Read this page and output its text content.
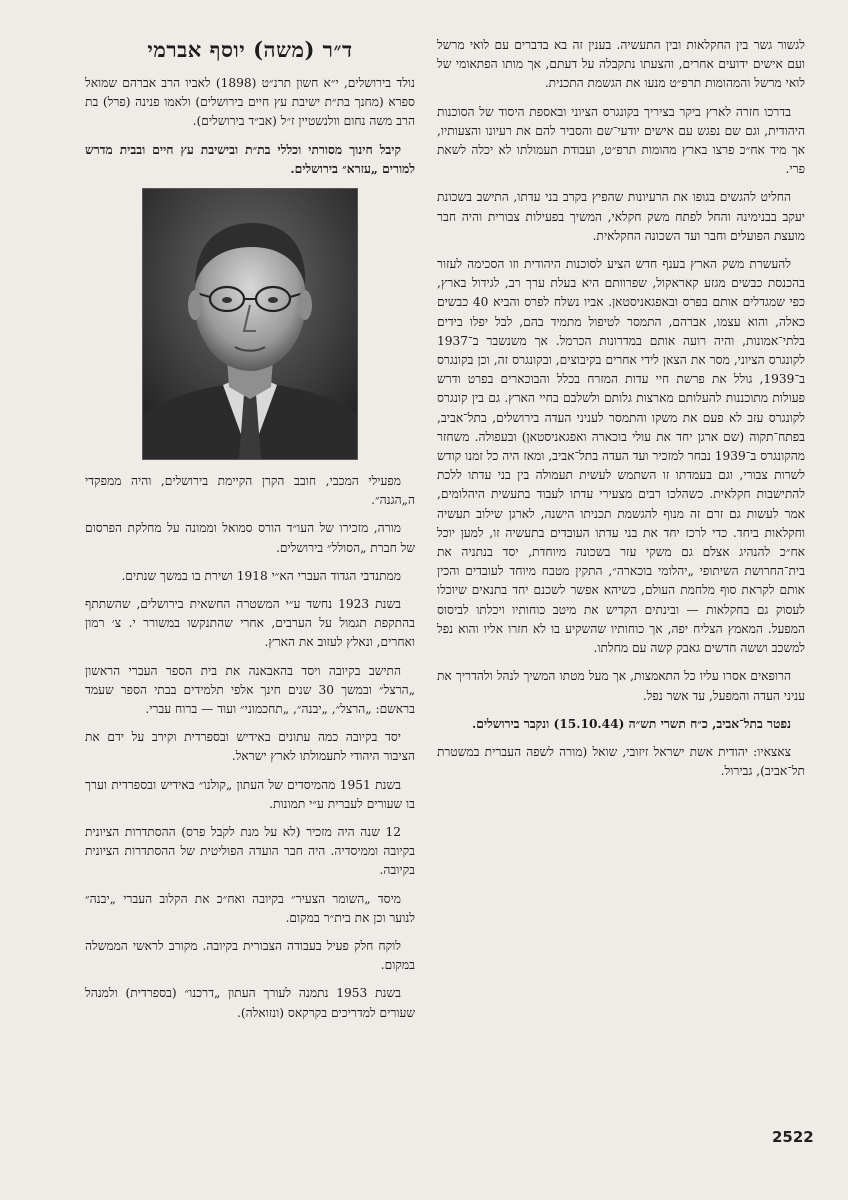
לגשור גשר בין החקלאות ובין התעשיה. בענין זה בא בדברים עם לואי מרשל ועם אישים ידועים אחרים, והצעתו נתקבלה על דעתם, אך מותו הפתאומי של לואי מרשל והמהומות תרפ״ט מנעו את הגשמת התכנית.

בדרכו חזרה לארץ ביקר בציריך בקונגרס הציוני ובאספת היסוד של הסוכנות היהודית, וגם שם נפגש עם אישים יודעי־שם והסביר להם את רעיונו והצעותיו, אך מיד אח״כ פרצו בארץ מהומות תרפ״ט, ועבודת תעמולתו לא יכלה לשאת פרי.

החליט להגשים בגופו את הרעיונות שהפיץ בקרב בני עדתו, התישב בשכונת יעקב בבנימינה והחל לפתח משק חקלאי, המשיך בפעילות צבורית והיה חבר מועצת הפועלים וחבר ועד השכונה החקלאית.

להעשרת משק הארץ בענף חדש הציע לסוכנות היהודית וזו הסכימה לעזור בהכנסת כבשים מגזע קאראקול, שפרוותם היא בעלת ערך רב, לגידול בארץ, כפי שמגדלים אותם בפרס ובאפגאניסטאן. אביו נשלח לפרס והביא 40 כבשים כאלה, והוא עצמו, אברהם, התמסר לטיפול מתמיד בהם, לבל יפלו בידים בלתי־אמונות, והיה רועה אותם במדרונות הכרמל. אך משנשבר ב־1937 לקונגרס הציוני, מסר את הצאן לידי אחרים בקיבוצים, ובקונגרס זה, וכן בקונגרס ב־1939, גולל את פרשת חיי עדות המזרח בכלל והבוכארים בפרט ודרש פעולות מתוכננות להעלותם מארצות גלותם ולשלבם בחיי הארץ. גם בין קונגרס לקונגרס עזב לא פעם את משקו והתמסר לעניני העדה בירושלים, בתל־אביב, בפתח־תקוה (שם ארגן יחד את עולי בוכארה ואפגאניסטאן) ובעפולה. משחזר מהקונגרס ב־1939 נבחר למזכיר ועד העדה בתל־אביב, ומאז היה כל זמנו קודש לשרות צבורי, וגם בעמדתו זו השתמש לעשית תעמולה בין בני עדתו ללכת להתישבות חקלאית. כשהלכו רבים מצעירי עדתו לעבוד בתעשית היהלומים, אמר לעשות גם זרם זה מנוף להגשמת תכניתו הישנה, לארגן שילוב תעשיה וחקלאות ביחד. כדי לרכז יחד את בני עדתו העובדים בתעשיה זו, למען יוכל אח״כ להנהיג אצלם גם משקי עזר בשכונה מיוחדת, יסד בנתניה את בית־החרושת השיתופי „יהלומי בוכארה״, התקין מטבח מיוחד לעובדים והכין אותם לקראת סוף מלחמת העולם, כשיהא אפשר לשכנם יחד בתנאים שיוכלו לעסוק גם בחקלאות — ובינתים הקדיש את מיטב כוחותיו ויכלתו לביסוס המפעל. המאמץ הצליח יפה, אך כוחותיו שהשקיע בו לא חזרו אליו והוא נפל למשכב וששה חדשים גאבק קשה עם מחלתו.

הרופאים אסרו עליו כל התאמצות, אך מעל מטתו המשיך לנהל ולהדריך את עניני העדה והמפעל, עד אשר נפל.

נפטר בתל־אביב, כ״ח תשרי תש״ה (15.10.44) ונקבר בירושלים.

צאצאיו: יהודית אשת ישראל זיזובי, שואל (מורה לשפה העברית במשטרת תל־אביב), גבירול.

ד״ר (משה) יוסף אברמי

נולד בירושלים, י״א חשון תרנ״ט (1898) לאביו הרב אברהם שמואל ספרא (מחנך בת״ת ישיבת עץ חיים בירושלים) ולאמו פנינה (פרל) בת הרב משה נחום וולנשטיין ז״ל (אב״ד בירושלים).

קיבל חינוך מסורתי וכללי בת״ת ובישיבת עץ חיים ובבית מדרש למורים „עזרא״ בירושלים.

מפעילי המכבי, חובב הקרן הקיימת בירושלים, והיה ממפקדי ה„הגנה״.

מורה, מזכירו של העו״ד הורס סמואל וממונה על מחלקת הפרסום של חברת „הסולל״ בירושלים.

ממתנדבי הגדוד העברי הא״י 1918 ושירת בו במשך שנתים.

בשנת 1923 נחשד ע״י המשטרה החשאית בירושלים, שהשתתף בהתקפת תגמול על הערבים, אחרי שהתנקשו במשורר י. צ׳ רמון ואחרים, ונאלץ לעזוב את הארץ.

התישב בקיובה ויסד בהאבאנה את בית הספר העברי הראשון „הרצל״ ובמשך 30 שנים חינך אלפי תלמידים בבתי הספר שעמד בראשם: „הרצל״, „יבנה״, „תחכמוני״ ועוד — ברוח עברי.

יסד בקיובה כמה עתונים באידיש ובספרדית וקירב על ידם את הציבור היהודי לתעמולתו לארץ ישראל.

בשנת 1951 מהמיסדים של העתון „קולנו״ באידיש ובספרדית וערך בו שעורים לעברית ע״י תמונות.

12 שנה היה מזכיר (לא על מנת לקבל פרס) ההסתדרות הציונית בקיובה וממיסדיה. היה חבר הועדה הפוליטית של ההסתדרות הציונית בקיובה.

מיסד „השומר הצעיר״ בקיובה ואח״כ את הקלוב העברי „יבנה״ לנוער וכן את בית״ר במקום.

לוקח חלק פעיל בעבודה הצבורית בקיובה. מקורב לראשי הממשלה במקום.

בשנת 1953 נתמנה לעורך העתון „דרכנו״ (בספרדית) ולמנהל שעורים למדריכים בקרקאס (ונזואלה).

2522
